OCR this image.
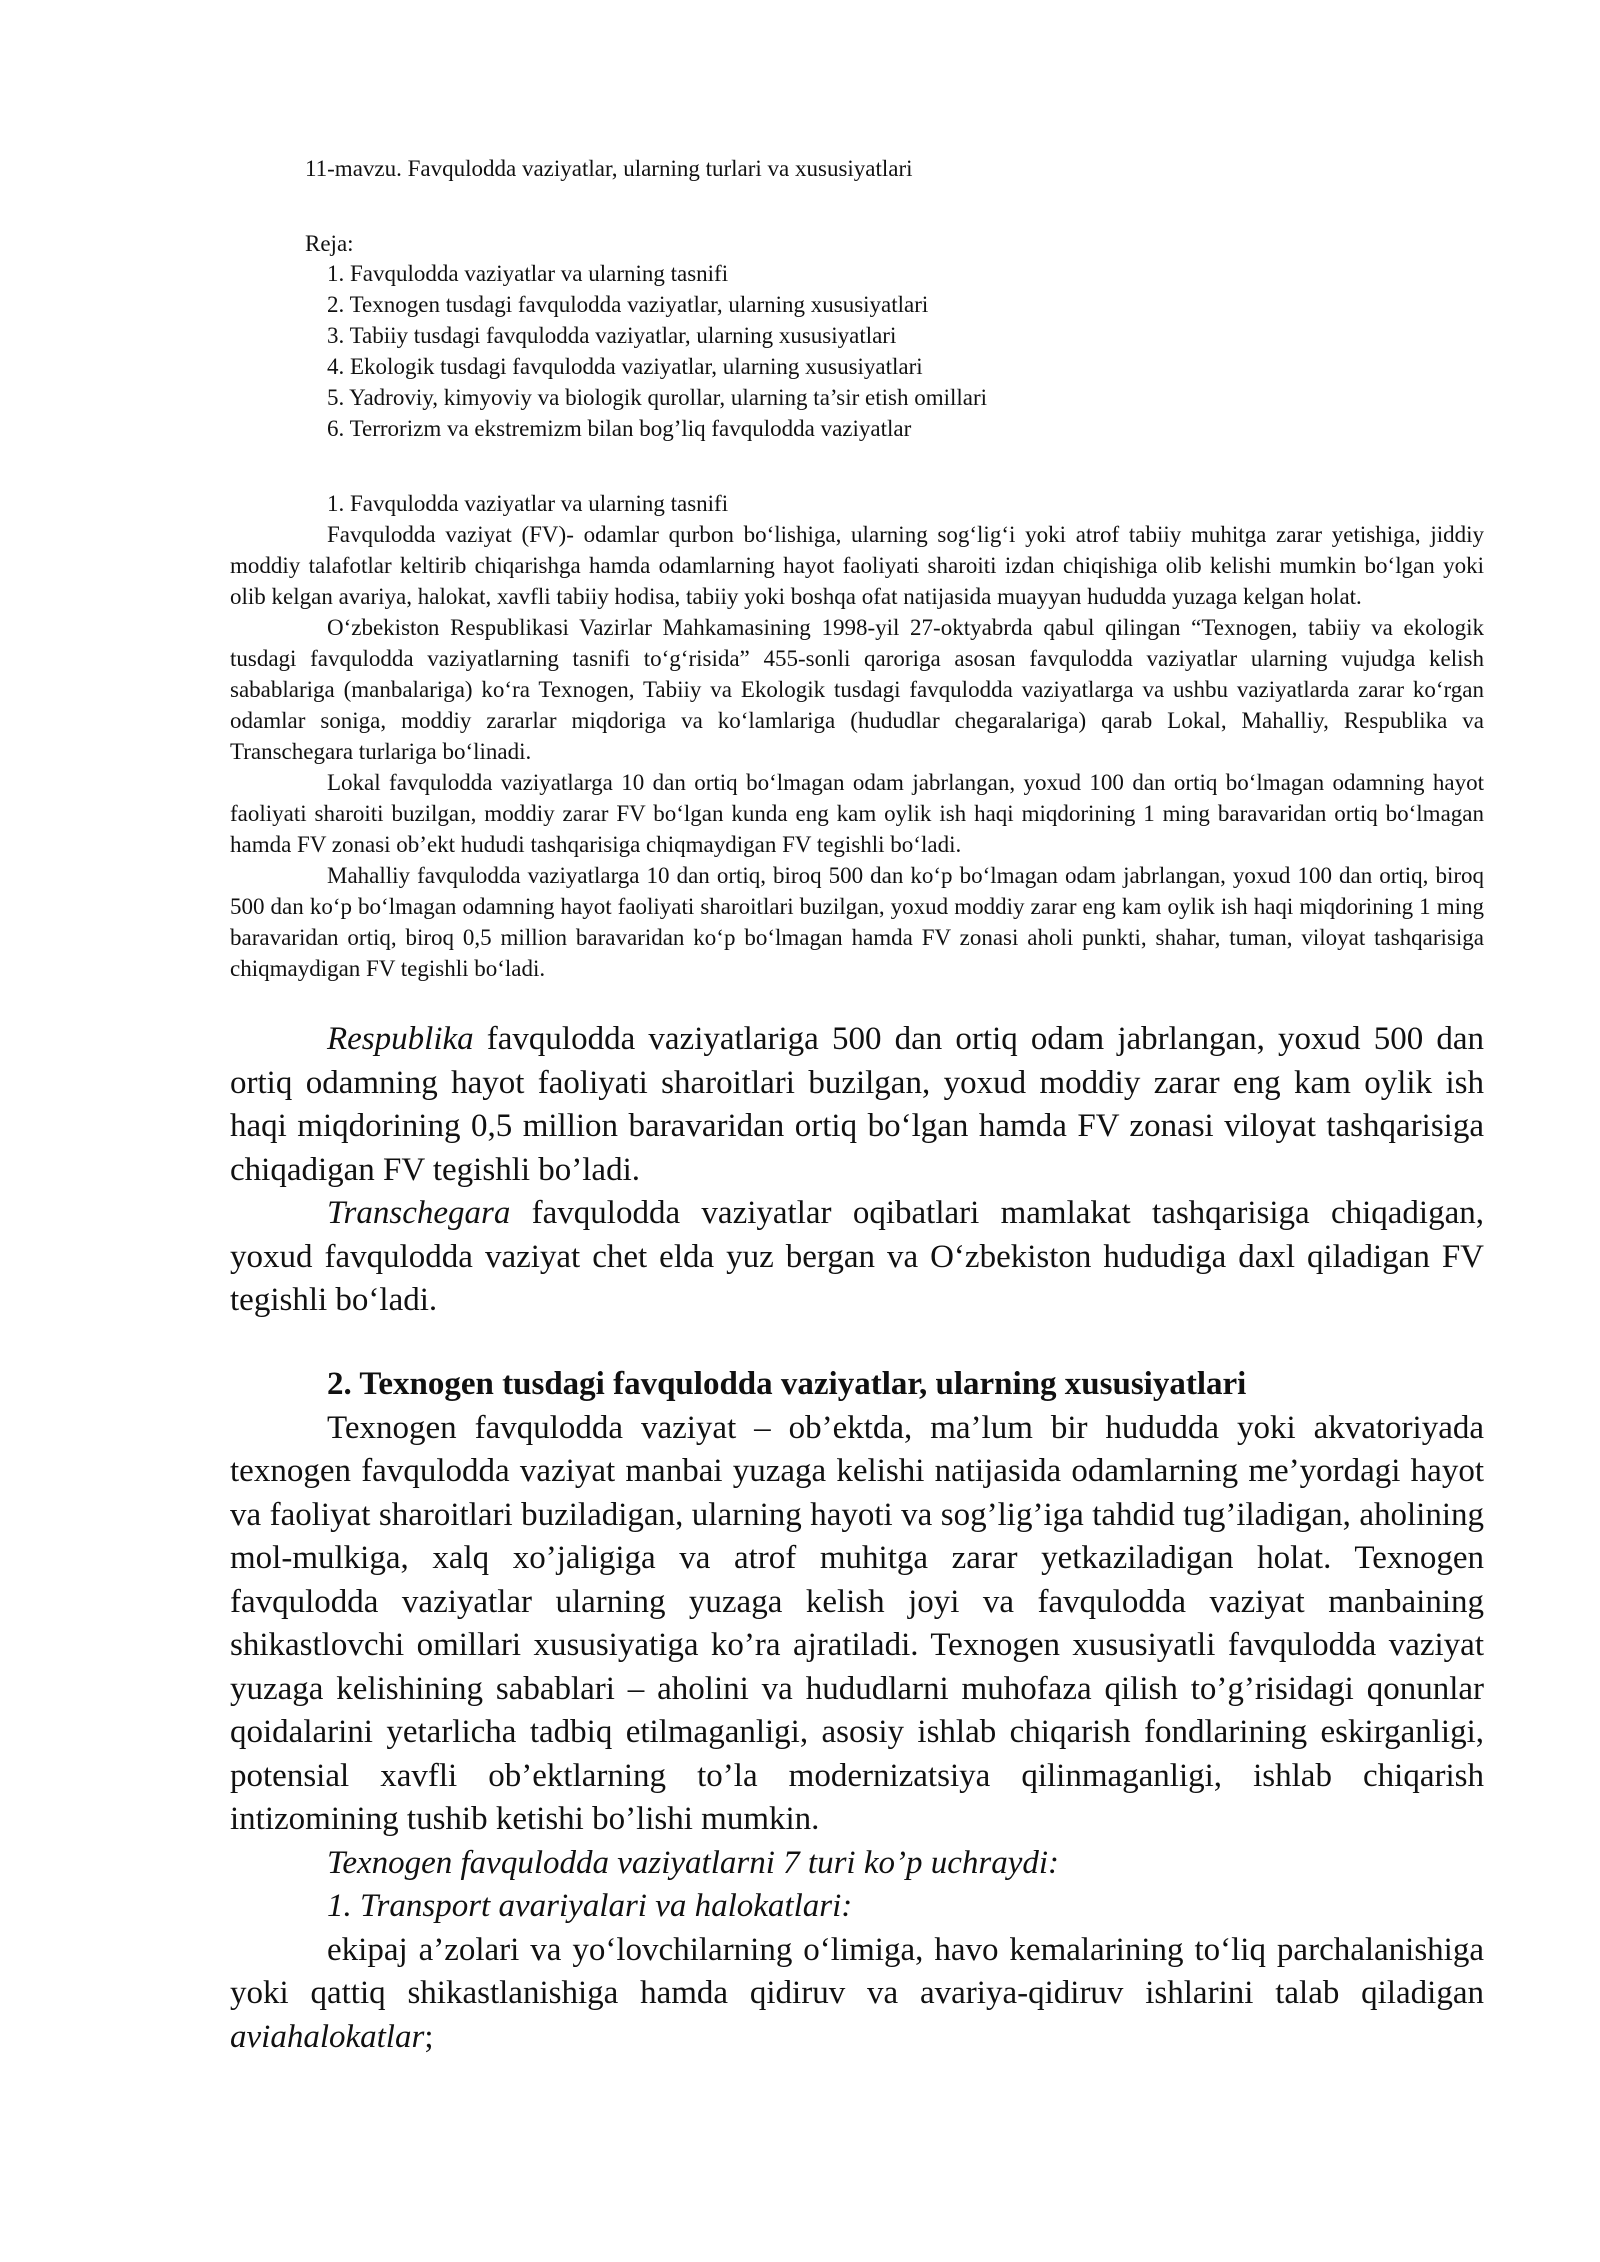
11-mavzu. Favqulodda vaziyatlar, ularning turlari va xususiyatlari
Reja:
1. Favqulodda vaziyatlar va ularning tasnifi
2. Texnogen tusdagi favqulodda vaziyatlar, ularning xususiyatlari
3. Tabiiy tusdagi favqulodda vaziyatlar, ularning xususiyatlari
4. Ekologik tusdagi favqulodda vaziyatlar, ularning xususiyatlari
5. Yadroviy, kimyoviy va biologik qurollar, ularning ta’sir etish omillari
6. Terrorizm va ekstremizm bilan bog’liq favqulodda vaziyatlar
1. Favqulodda vaziyatlar va ularning tasnifi
Favqulodda vaziyat (FV)- odamlar qurbon bo‘lishiga, ularning sog‘lig‘i yoki atrof tabiiy muhitga zarar yetishiga, jiddiy moddiy talafotlar keltirib chiqarishga hamda odamlarning hayot faoliyati sharoiti izdan chiqishiga olib kelishi mumkin bo‘lgan yoki olib kelgan avariya, halokat, xavfli tabiiy hodisa, tabiiy yoki boshqa ofat natijasida muayyan hududda yuzaga kelgan holat.
O‘zbekiston Respublikasi Vazirlar Mahkamasining 1998-yil 27-oktyabrda qabul qilingan “Texnogen, tabiiy va ekologik tusdagi favqulodda vaziyatlarning tasnifi to‘g‘risida” 455-sonli qaroriga asosan favqulodda vaziyatlar ularning vujudga kelish sabablariga (manbalariga) ko‘ra Texnogen, Tabiiy va Ekologik tusdagi favqulodda vaziyatlarga va ushbu vaziyatlarda zarar ko‘rgan odamlar soniga, moddiy zararlar miqdoriga va ko‘lamlariga (hududlar chegaralariga) qarab Lokal, Mahalliy, Respublika va Transchegara turlariga bo‘linadi.
Lokal favqulodda vaziyatlarga 10 dan ortiq bo‘lmagan odam jabrlangan, yoxud 100 dan ortiq bo‘lmagan odamning hayot faoliyati sharoiti buzilgan, moddiy zarar FV bo‘lgan kunda eng kam oylik ish haqi miqdorining 1 ming baravaridan ortiq bo‘lmagan hamda FV zonasi ob’ekt hududi tashqarisiga chiqmaydigan FV tegishli bo‘ladi.
Mahalliy favqulodda vaziyatlarga 10 dan ortiq, biroq 500 dan ko‘p bo‘lmagan odam jabrlangan, yoxud 100 dan ortiq, biroq 500 dan ko‘p bo‘lmagan odamning hayot faoliyati sharoitlari buzilgan, yoxud moddiy zarar eng kam oylik ish haqi miqdorining 1 ming baravaridan ortiq, biroq 0,5 million baravaridan ko‘p bo‘lmagan hamda FV zonasi aholi punkti, shahar, tuman, viloyat tashqarisiga chiqmaydigan FV tegishli bo‘ladi.

Respublika favqulodda vaziyatlariga 500 dan ortiq odam jabrlangan, yoxud 500 dan ortiq odamning hayot faoliyati sharoitlari buzilgan, yoxud moddiy zarar eng kam oylik ish haqi miqdorining 0,5 million baravaridan ortiq bo‘lgan hamda FV zonasi viloyat tashqarisiga chiqadigan FV tegishli bo’ladi.

Transchegara favqulodda vaziyatlar oqibatlari mamlakat tashqarisiga chiqadigan, yoxud favqulodda vaziyat chet elda yuz bergan va O‘zbekiston hududiga daxl qiladigan FV tegishli bo‘ladi.

2. Texnogen tusdagi favqulodda vaziyatlar, ularning xususiyatlari

Texnogen favqulodda vaziyat – ob’ektda, ma’lum bir hududda yoki akvatoriyada texnogen favqulodda vaziyat manbai yuzaga kelishi natijasida odamlarning me’yordagi hayot va faoliyat sharoitlari buziladigan, ularning hayoti va sog’lig’iga tahdid tug’iladigan, aholining mol-mulkiga, xalq xo’jaligiga va atrof muhitga zarar yetkaziladigan holat. Texnogen favqulodda vaziyatlar ularning yuzaga kelish joyi va favqulodda vaziyat manbaining shikastlovchi omillari xususiyatiga ko’ra ajratiladi. Texnogen xususiyatli favqulodda vaziyat yuzaga kelishining sabablari – aholini va hududlarni muhofaza qilish to’g’risidagi qonunlar qoidalarini yetarlicha tadbiq etilmaganligi, asosiy ishlab chiqarish fondlarining eskirganligi, potensial xavfli ob’ektlarning to’la modernizatsiya qilinmaganligi, ishlab chiqarish intizomining tushib ketishi bo’lishi mumkin.

Texnogen favqulodda vaziyatlarni 7 turi ko’p uchraydi:
1. Transport avariyalari va halokatlari:

ekipaj a’zolari va yo‘lovchilarning o‘limiga, havo kemalarining to‘liq parchalanishiga yoki qattiq shikastlanishiga hamda qidiruv va avariya-qidiruv ishlarini talab qiladigan aviahalokatlar;
